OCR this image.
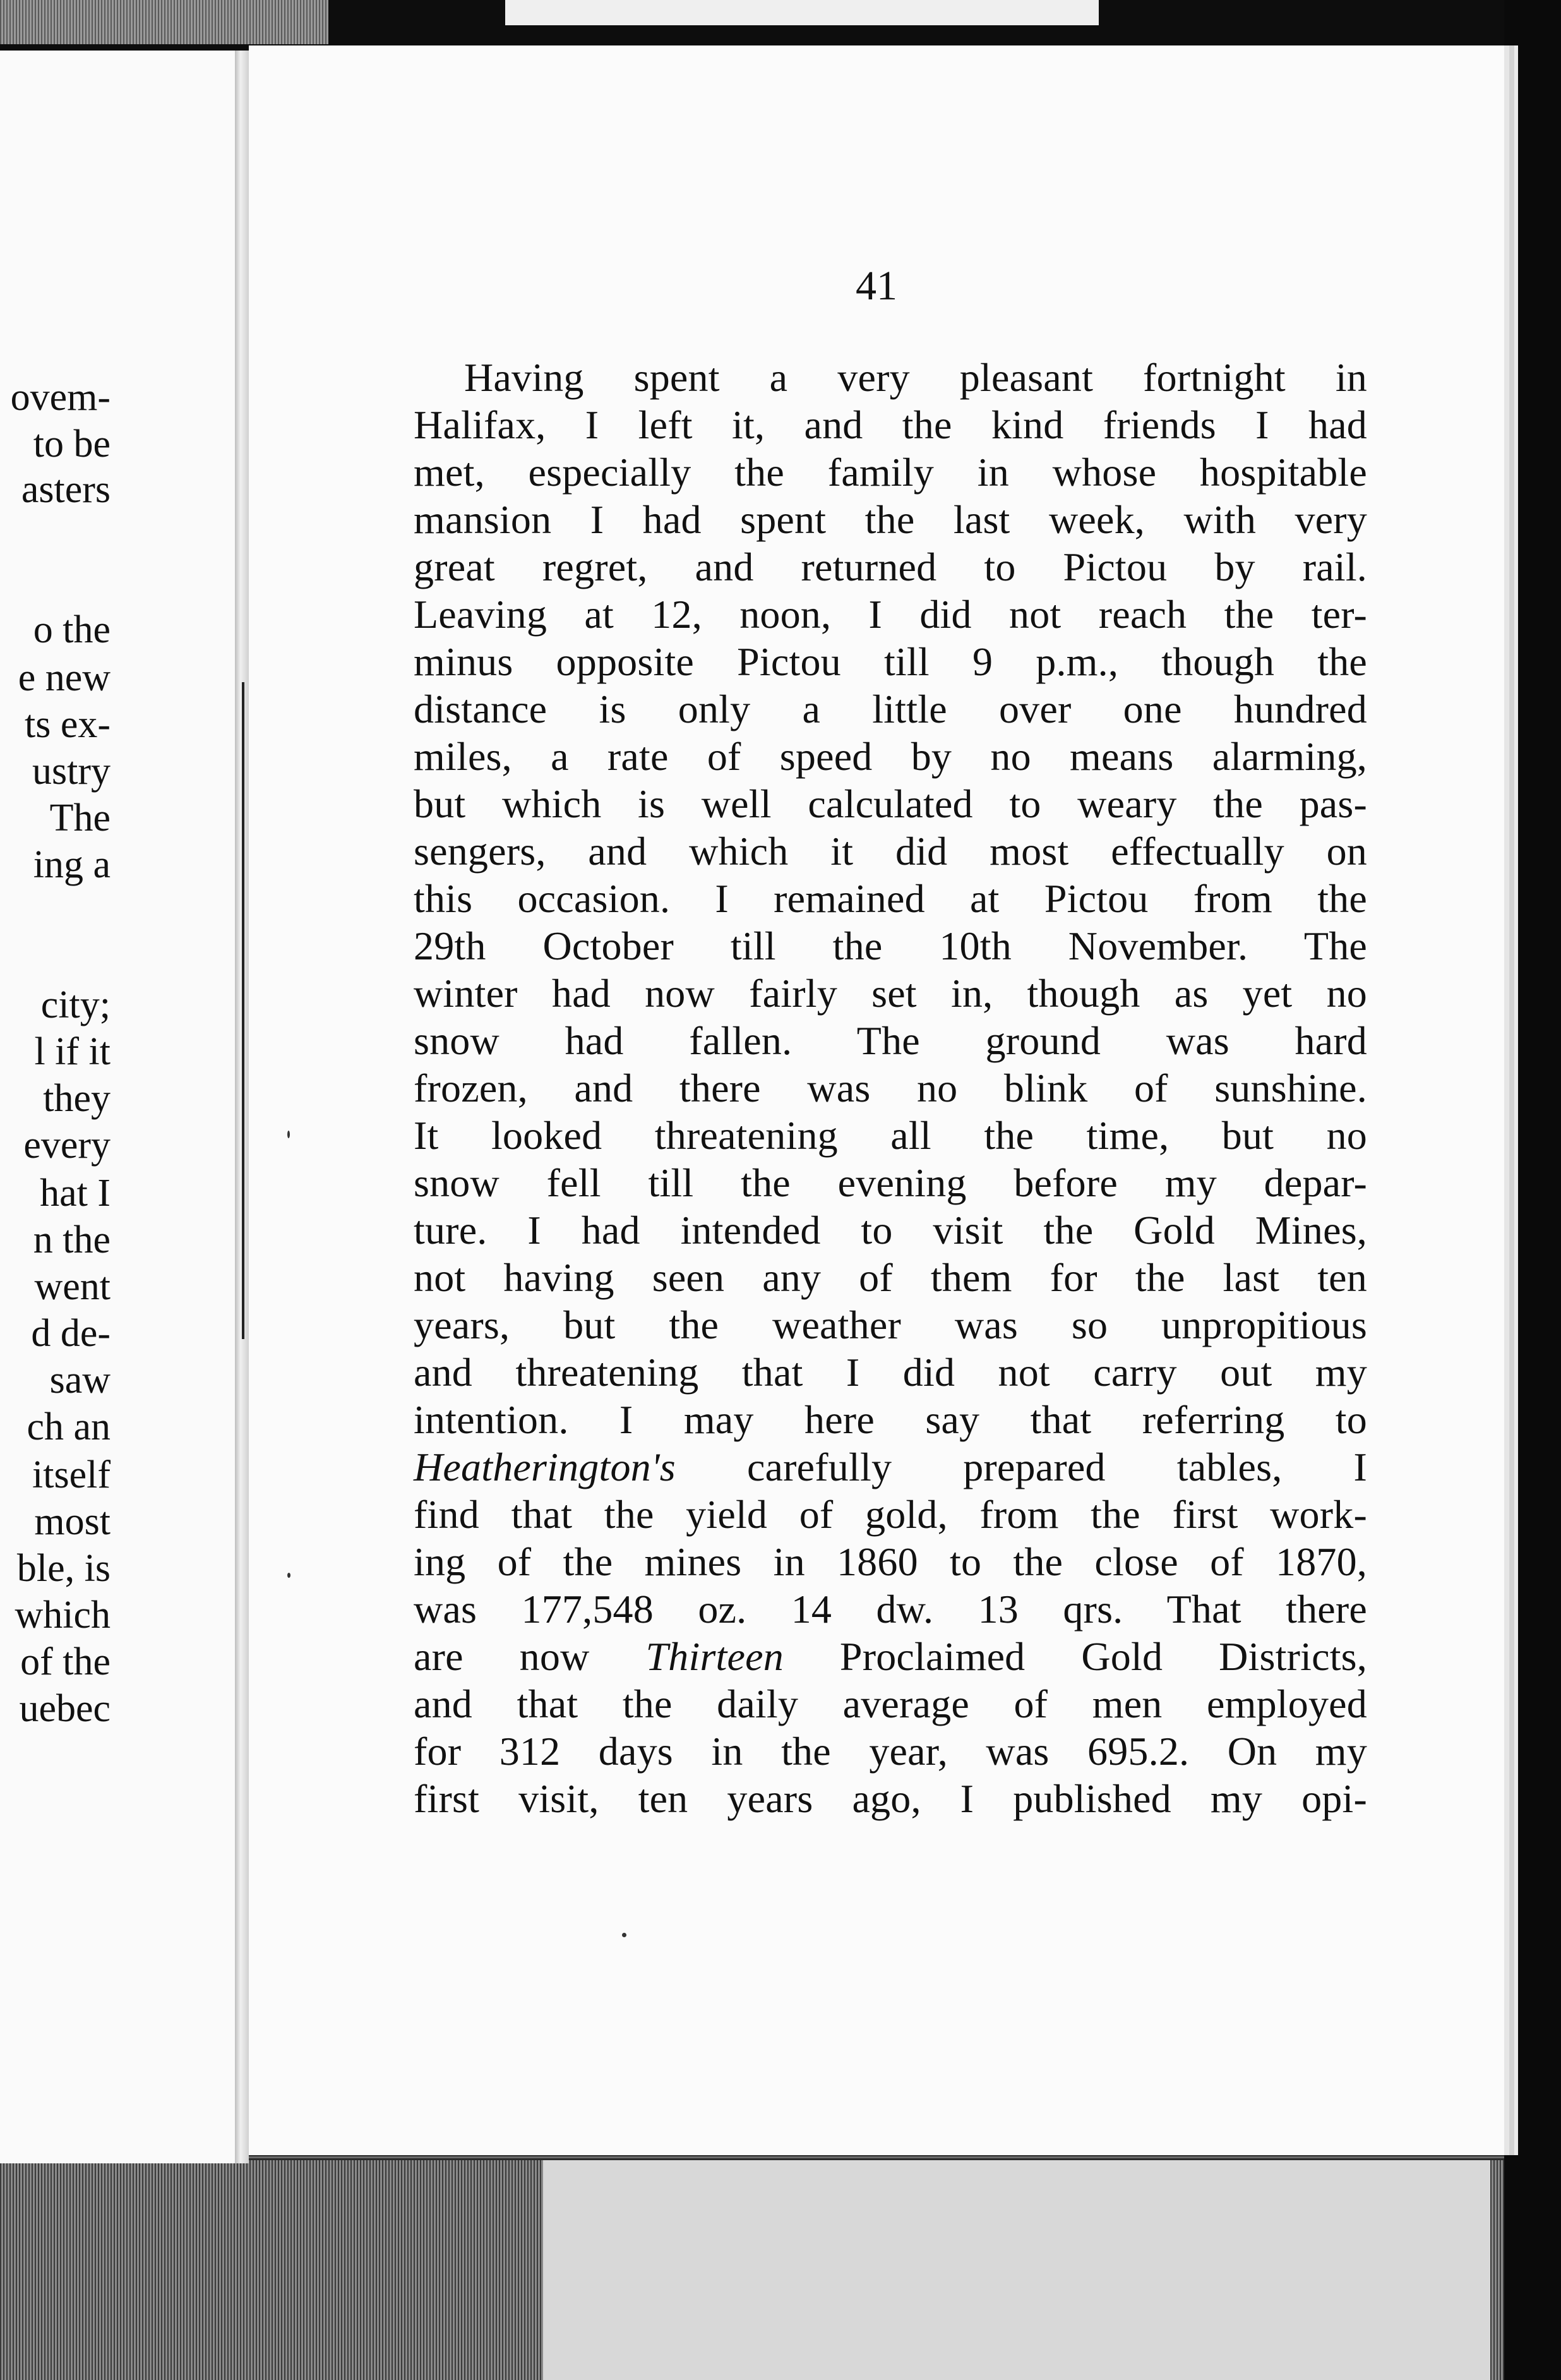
ovem-
to be
asters
o the
e new
ts ex-
ustry
The
ing a
city;
l if it
they
every
hat I
n the
went
d de-
saw
ch an
itself
most
ble, is
which
of the
uebec
41
Having spent a very pleasant fortnight in
Halifax, I left it, and the kind friends I had
met, especially the family in whose hospitable
mansion I had spent the last week, with very
great regret, and returned to Pictou by rail.
Leaving at 12, noon, I did not reach the ter-
minus opposite Pictou till 9 p.m., though the
distance is only a little over one hundred
miles, a rate of speed by no means alarming,
but which is well calculated to weary the pas-
sengers, and which it did most effectually on
this occasion. I remained at Pictou from the
29th October till the 10th November. The
winter had now fairly set in, though as yet no
snow had fallen. The ground was hard
frozen, and there was no blink of sunshine.
It looked threatening all the time, but no
snow fell till the evening before my depar-
ture. I had intended to visit the Gold Mines,
not having seen any of them for the last ten
years, but the weather was so unpropitious
and threatening that I did not carry out my
intention. I may here say that referring to
Heatherington's carefully prepared tables, I
find that the yield of gold, from the first work-
ing of the mines in 1860 to the close of 1870,
was 177,548 oz. 14 dw. 13 qrs. That there
are now Thirteen Proclaimed Gold Districts,
and that the daily average of men employed
for 312 days in the year, was 695.2. On my
first visit, ten years ago, I published my opi-
